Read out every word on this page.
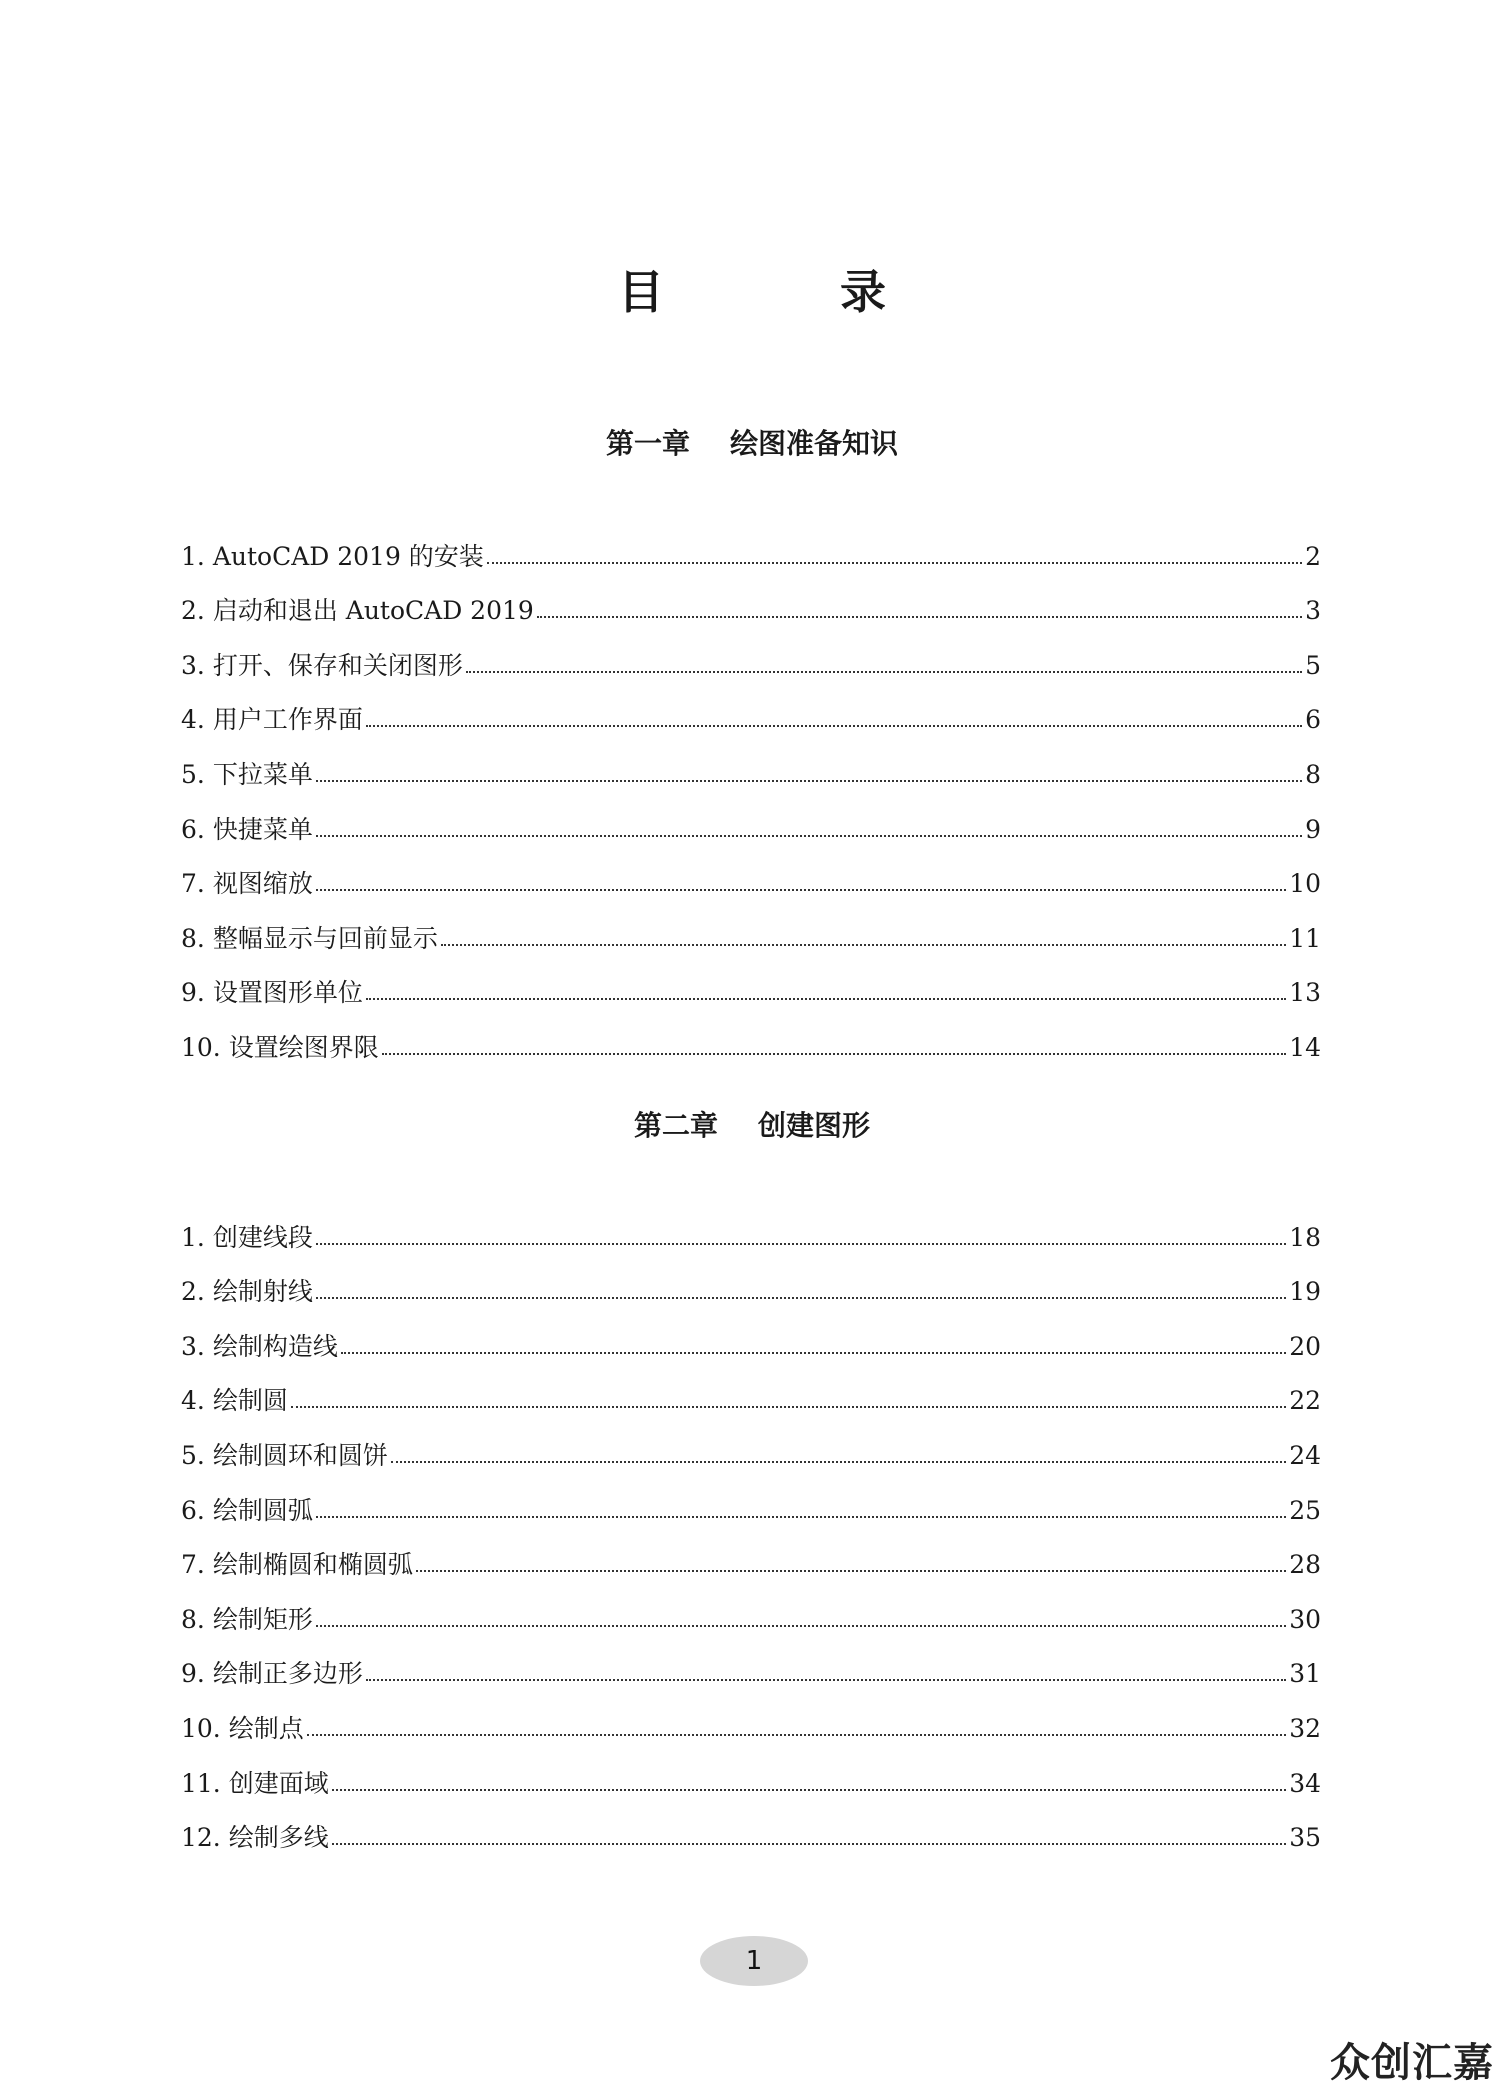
目 录
第一章 绘图准备知识
1. AutoCAD 2019 的安装	2
2. 启动和退出 AutoCAD 2019	3
3. 打开、保存和关闭图形	5
4. 用户工作界面	6
5. 下拉菜单	8
6. 快捷菜单	9
7. 视图缩放	10
8. 整幅显示与回前显示	11
9. 设置图形单位	13
10. 设置绘图界限	14
第二章 创建图形
1. 创建线段	18
2. 绘制射线	19
3. 绘制构造线	20
4. 绘制圆	22
5. 绘制圆环和圆饼	24
6. 绘制圆弧	25
7. 绘制椭圆和椭圆弧	28
8. 绘制矩形	30
9. 绘制正多边形	31
10. 绘制点	32
11. 创建面域	34
12. 绘制多线	35
1
众创汇嘉
